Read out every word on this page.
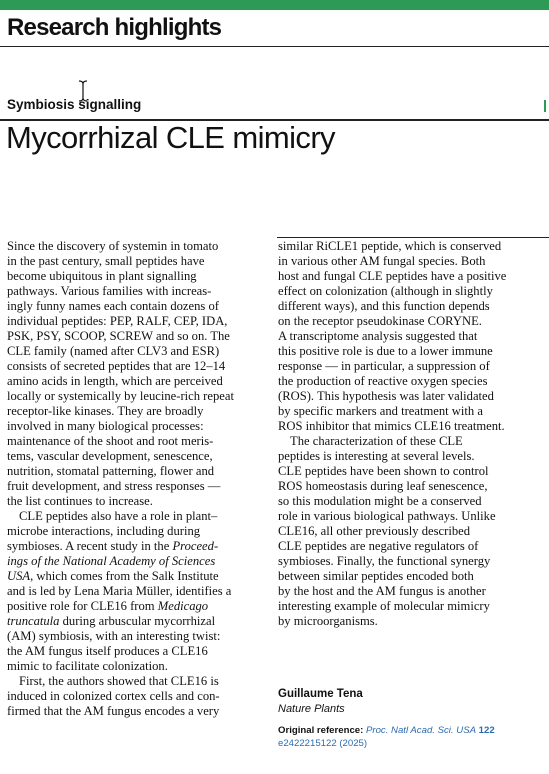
Research highlights
Symbiosis signalling
Mycorrhizal CLE mimicry
Since the discovery of systemin in tomato
in the past century, small peptides have
become ubiquitous in plant signalling
pathways. Various families with increas-
ingly funny names each contain dozens of
individual peptides: PEP, RALF, CEP, IDA,
PSK, PSY, SCOOP, SCREW and so on. The
CLE family (named after CLV3 and ESR)
consists of secreted peptides that are 12–14
amino acids in length, which are perceived
locally or systemically by leucine-rich repeat
receptor-like kinases. They are broadly
involved in many biological processes:
maintenance of the shoot and root meris-
tems, vascular development, senescence,
nutrition, stomatal patterning, flower and
fruit development, and stress responses —
the list continues to increase.
CLE peptides also have a role in plant–
microbe interactions, including during
symbioses. A recent study in the Proceed-
ings of the National Academy of Sciences
USA, which comes from the Salk Institute
and is led by Lena Maria Müller, identifies a
positive role for CLE16 from Medicago
truncatula during arbuscular mycorrhizal
(AM) symbiosis, with an interesting twist:
the AM fungus itself produces a CLE16
mimic to facilitate colonization.
First, the authors showed that CLE16 is
induced in colonized cortex cells and con-
firmed that the AM fungus encodes a very
similar RiCLE1 peptide, which is conserved
in various other AM fungal species. Both
host and fungal CLE peptides have a positive
effect on colonization (although in slightly
different ways), and this function depends
on the receptor pseudokinase CORYNE.
A transcriptome analysis suggested that
this positive role is due to a lower immune
response — in particular, a suppression of
the production of reactive oxygen species
(ROS). This hypothesis was later validated
by specific markers and treatment with a
ROS inhibitor that mimics CLE16 treatment.
The characterization of these CLE
peptides is interesting at several levels.
CLE peptides have been shown to control
ROS homeostasis during leaf senescence,
so this modulation might be a conserved
role in various biological pathways. Unlike
CLE16, all other previously described
CLE peptides are negative regulators of
symbioses. Finally, the functional synergy
between similar peptides encoded both
by the host and the AM fungus is another
interesting example of molecular mimicry
by microorganisms.
Guillaume Tena
Nature Plants
Original reference: Proc. Natl Acad. Sci. USA 122
e2422215122 (2025)
